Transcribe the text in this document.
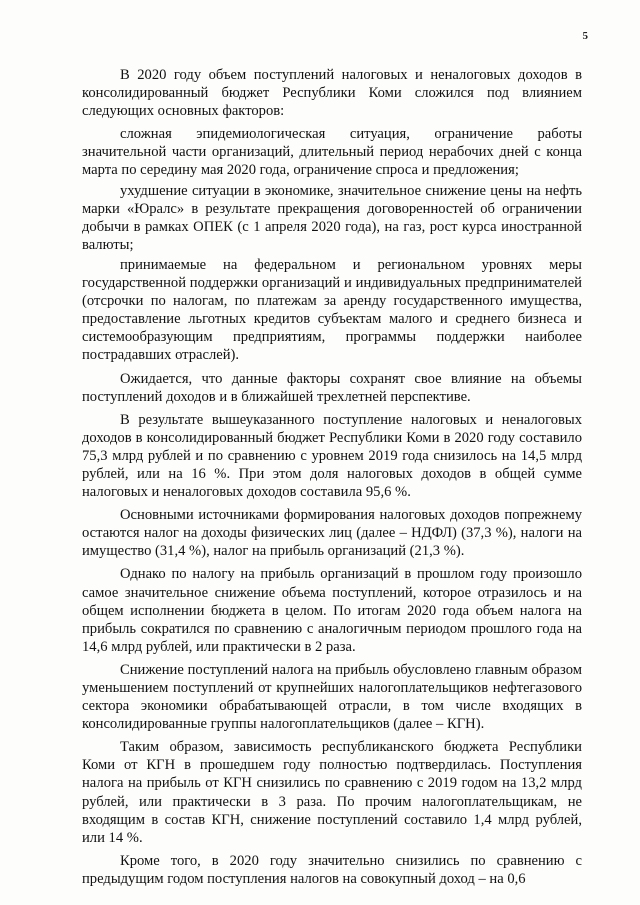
5

В 2020 году объем поступлений налоговых и неналоговых доходов в консолидированный бюджет Республики Коми сложился под влиянием следующих основных факторов:

сложная эпидемиологическая ситуация, ограничение работы значительной части организаций, длительный период нерабочих дней с конца марта по середину мая 2020 года, ограничение спроса и предложения;

ухудшение ситуации в экономике, значительное снижение цены на нефть марки «Юралс» в результате прекращения договоренностей об ограничении добычи в рамках ОПЕК (с 1 апреля 2020 года), на газ, рост курса иностранной валюты;

принимаемые на федеральном и региональном уровнях меры государственной поддержки организаций и индивидуальных предпринимателей (отсрочки по налогам, по платежам за аренду государственного имущества, предоставление льготных кредитов субъектам малого и среднего бизнеса и системообразующим предприятиям, программы поддержки наиболее пострадавших отраслей).

Ожидается, что данные факторы сохранят свое влияние на объемы поступлений доходов и в ближайшей трехлетней перспективе.

В результате вышеуказанного поступление налоговых и неналоговых доходов в консолидированный бюджет Республики Коми в 2020 году составило 75,3 млрд рублей и по сравнению с уровнем 2019 года снизилось на 14,5 млрд рублей, или на 16 %. При этом доля налоговых доходов в общей сумме налоговых и неналоговых доходов составила 95,6 %.

Основными источниками формирования налоговых доходов попрежнему остаются налог на доходы физических лиц (далее – НДФЛ) (37,3 %), налоги на имущество (31,4 %), налог на прибыль организаций (21,3 %).

Однако по налогу на прибыль организаций в прошлом году произошло самое значительное снижение объема поступлений, которое отразилось и на общем исполнении бюджета в целом. По итогам 2020 года объем налога на прибыль сократился по сравнению с аналогичным периодом прошлого года на 14,6 млрд рублей, или практически в 2 раза.

Снижение поступлений налога на прибыль обусловлено главным образом уменьшением поступлений от крупнейших налогоплательщиков нефтегазового сектора экономики обрабатывающей отрасли, в том числе входящих в консолидированные группы налогоплательщиков (далее – КГН).

Таким образом, зависимость республиканского бюджета Республики Коми от КГН в прошедшем году полностью подтвердилась. Поступления налога на прибыль от КГН снизились по сравнению с 2019 годом на 13,2 млрд рублей, или практически в 3 раза. По прочим налогоплательщикам, не входящим в состав КГН, снижение поступлений составило 1,4 млрд рублей, или 14 %.

Кроме того, в 2020 году значительно снизились по сравнению с предыдущим годом поступления налогов на совокупный доход – на 0,6
